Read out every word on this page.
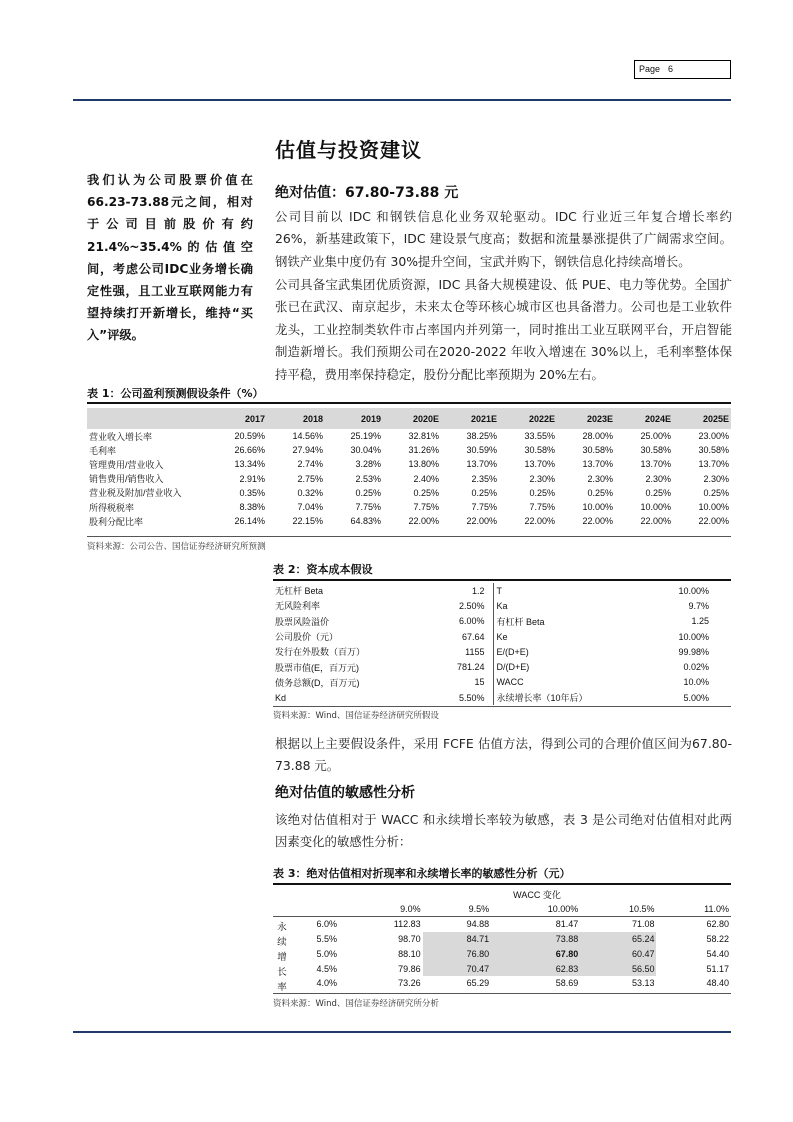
Page 6
我们认为公司股票价值在66.23-73.88元之间，相对于公司目前股价有约21.4%~35.4%的估值空间，考虑公司IDC业务增长确定性强，且工业互联网能力有望持续打开新增长，维持“买入”评级。
估值与投资建议
绝对估值：67.80-73.88 元
公司目前以 IDC 和钢铁信息化业务双轮驱动。IDC 行业近三年复合增长率约 26%，新基建政策下，IDC 建设景气度高；数据和流量暴涨提供了广阔需求空间。钢铁产业集中度仍有 30%提升空间，宝武并购下，钢铁信息化持续高增长。
公司具备宝武集团优质资源，IDC 具备大规模建设、低 PUE、电力等优势。全国扩张已在武汉、南京起步，未来太仓等环核心城市区也具备潜力。公司也是工业软件龙头，工业控制类软件市占率国内并列第一，同时推出工业互联网平台，开启智能制造新增长。我们预期公司在2020-2022 年收入增速在 30%以上，毛利率整体保持平稳，费用率保持稳定，股份分配比率预期为 20%左右。
表 1：公司盈利预测假设条件（%）
	2017	2018	2019	2020E	2021E	2022E	2023E	2024E	2025E
营业收入增长率	20.59%	14.56%	25.19%	32.81%	38.25%	33.55%	28.00%	25.00%	23.00%
毛利率	26.66%	27.94%	30.04%	31.26%	30.59%	30.58%	30.58%	30.58%	30.58%
管理费用/营业收入	13.34%	2.74%	3.28%	13.80%	13.70%	13.70%	13.70%	13.70%	13.70%
销售费用/销售收入	2.91%	2.75%	2.53%	2.40%	2.35%	2.30%	2.30%	2.30%	2.30%
营业税及附加/营业收入	0.35%	0.32%	0.25%	0.25%	0.25%	0.25%	0.25%	0.25%	0.25%
所得税税率	8.38%	7.04%	7.75%	7.75%	7.75%	7.75%	10.00%	10.00%	10.00%
股利分配比率	26.14%	22.15%	64.83%	22.00%	22.00%	22.00%	22.00%	22.00%	22.00%
资料来源：公司公告、国信证券经济研究所预测
表 2：资本成本假设
无杠杆 Beta	1.2	T	10.00%
无风险利率	2.50%	Ka	9.7%
股票风险溢价	6.00%	有杠杆 Beta	1.25
公司股价（元）	67.64	Ke	10.00%
发行在外股数（百万）	1155	E/(D+E)	99.98%
股票市值(E，百万元)	781.24	D/(D+E)	0.02%
债务总额(D，百万元)	15	WACC	10.0%
Kd	5.50%	永续增长率（10年后）	5.00%
资料来源：Wind、国信证券经济研究所假设
根据以上主要假设条件，采用 FCFE 估值方法，得到公司的合理价值区间为67.80-73.88 元。
绝对估值的敏感性分析
该绝对估值相对于 WACC 和永续增长率较为敏感，表 3 是公司绝对估值相对此两因素变化的敏感性分析：
表 3：绝对估值相对折现率和永续增长率的敏感性分析（元）
WACC 变化
	9.0%	9.5%	10.00%	10.5%	11.0%
6.0%	112.83	94.88	81.47	71.08	62.80
5.5%	98.70	84.71	73.88	65.24	58.22
5.0%	88.10	76.80	67.80	60.47	54.40
4.5%	79.86	70.47	62.83	56.50	51.17
4.0%	73.26	65.29	58.69	53.13	48.40
永
续
增
长
率
资料来源：Wind、国信证券经济研究所分析
